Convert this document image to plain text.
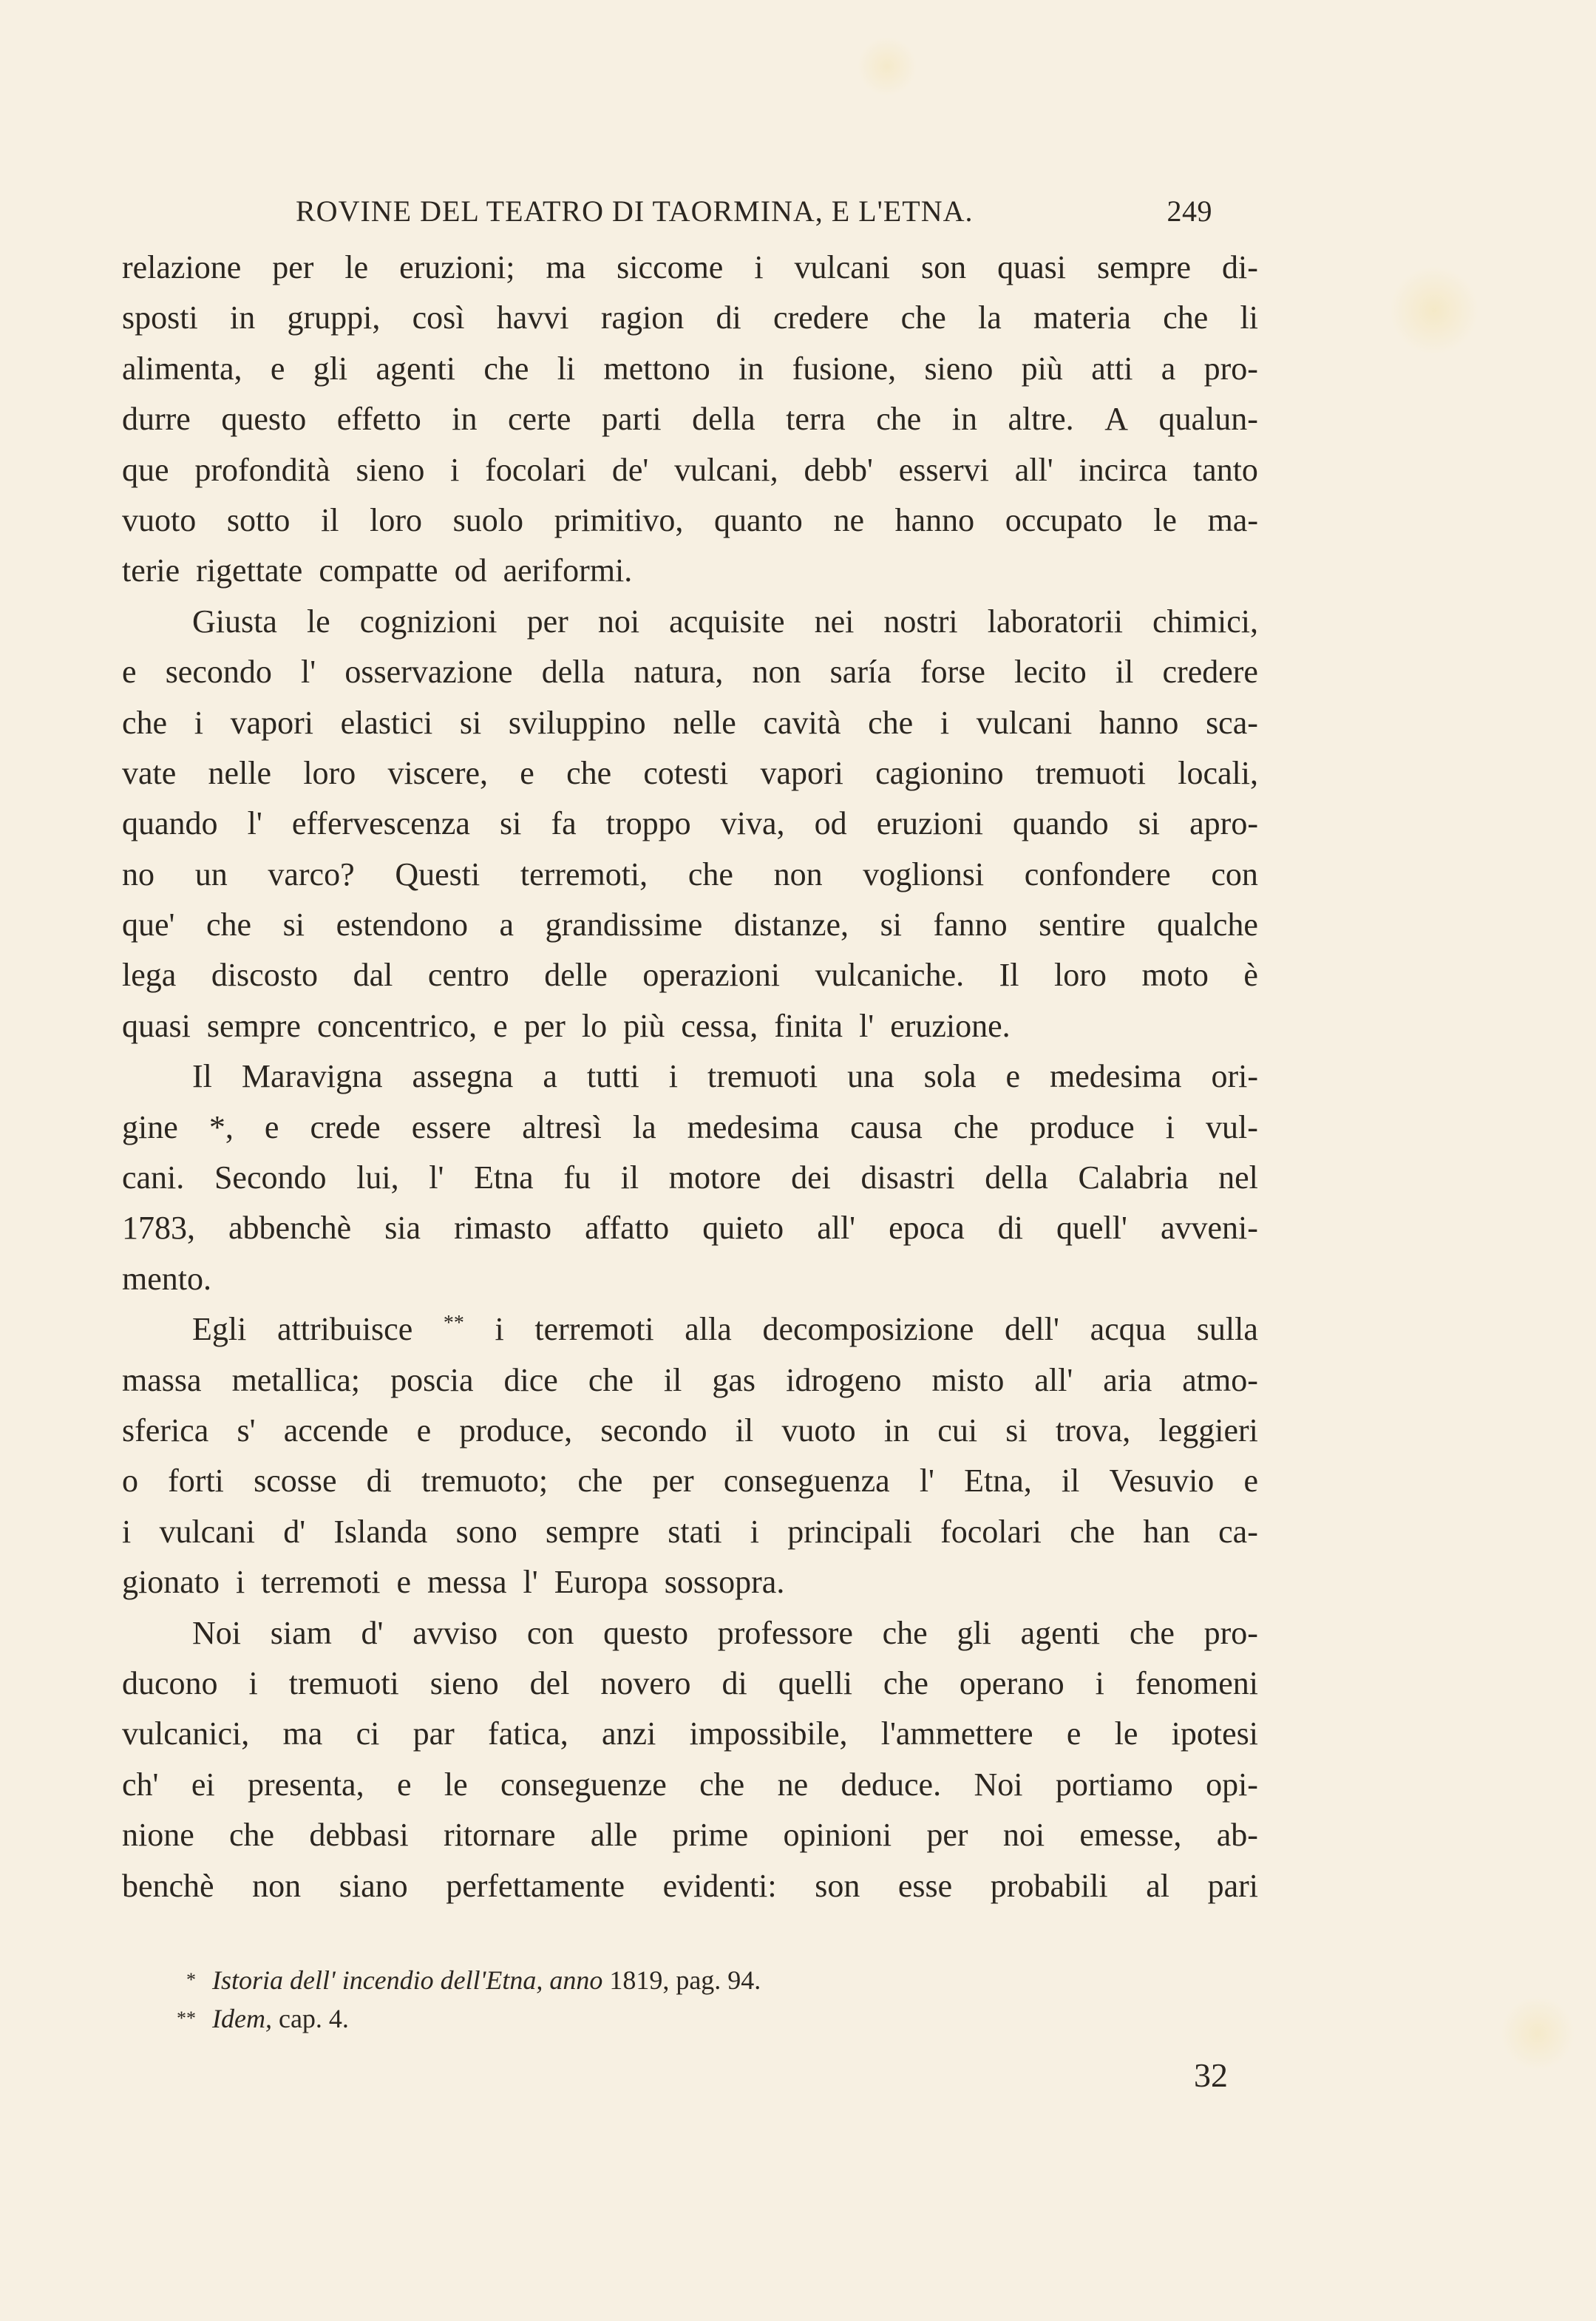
ROVINE DEL TEATRO DI TAORMINA, E L'ETNA.	249
relazione per le eruzioni; ma siccome i vulcani son quasi sempre di-
sposti in gruppi, così havvi ragion di credere che la materia che li
alimenta, e gli agenti che li mettono in fusione, sieno più atti a pro-
durre questo effetto in certe parti della terra che in altre. A qualun-
que profondità sieno i focolari de' vulcani, debb' esservi all' incirca tanto
vuoto sotto il loro suolo primitivo, quanto ne hanno occupato le ma-
terie rigettate compatte od aeriformi.
Giusta le cognizioni per noi acquisite nei nostri laboratorii chimici,
e secondo l' osservazione della natura, non saría forse lecito il credere
che i vapori elastici si sviluppino nelle cavità che i vulcani hanno sca-
vate nelle loro viscere, e che cotesti vapori cagionino tremuoti locali,
quando l' effervescenza si fa troppo viva, od eruzioni quando si apro-
no un varco? Questi terremoti, che non voglionsi confondere con
que' che si estendono a grandissime distanze, si fanno sentire qualche
lega discosto dal centro delle operazioni vulcaniche. Il loro moto è
quasi sempre concentrico, e per lo più cessa, finita l' eruzione.
Il Maravigna assegna a tutti i tremuoti una sola e medesima ori-
gine *, e crede essere altresì la medesima causa che produce i vul-
cani. Secondo lui, l' Etna fu il motore dei disastri della Calabria nel
1783, abbenchè sia rimasto affatto quieto all' epoca di quell' avveni-
mento.
Egli attribuisce ** i terremoti alla decomposizione dell' acqua sulla
massa metallica; poscia dice che il gas idrogeno misto all' aria atmo-
sferica s' accende e produce, secondo il vuoto in cui si trova, leggieri
o forti scosse di tremuoto; che per conseguenza l' Etna, il Vesuvio e
i vulcani d' Islanda sono sempre stati i principali focolari che han ca-
gionato i terremoti e messa l' Europa sossopra.
Noi siam d' avviso con questo professore che gli agenti che pro-
ducono i tremuoti sieno del novero di quelli che operano i fenomeni
vulcanici, ma ci par fatica, anzi impossibile, l'ammettere e le ipotesi
ch' ei presenta, e le conseguenze che ne deduce. Noi portiamo opi-
nione che debbasi ritornare alle prime opinioni per noi emesse, ab-
benchè non siano perfettamente evidenti: son esse probabili al pari
* Istoria dell' incendio dell'Etna, anno 1819, pag. 94.
** Idem, cap. 4.
32
